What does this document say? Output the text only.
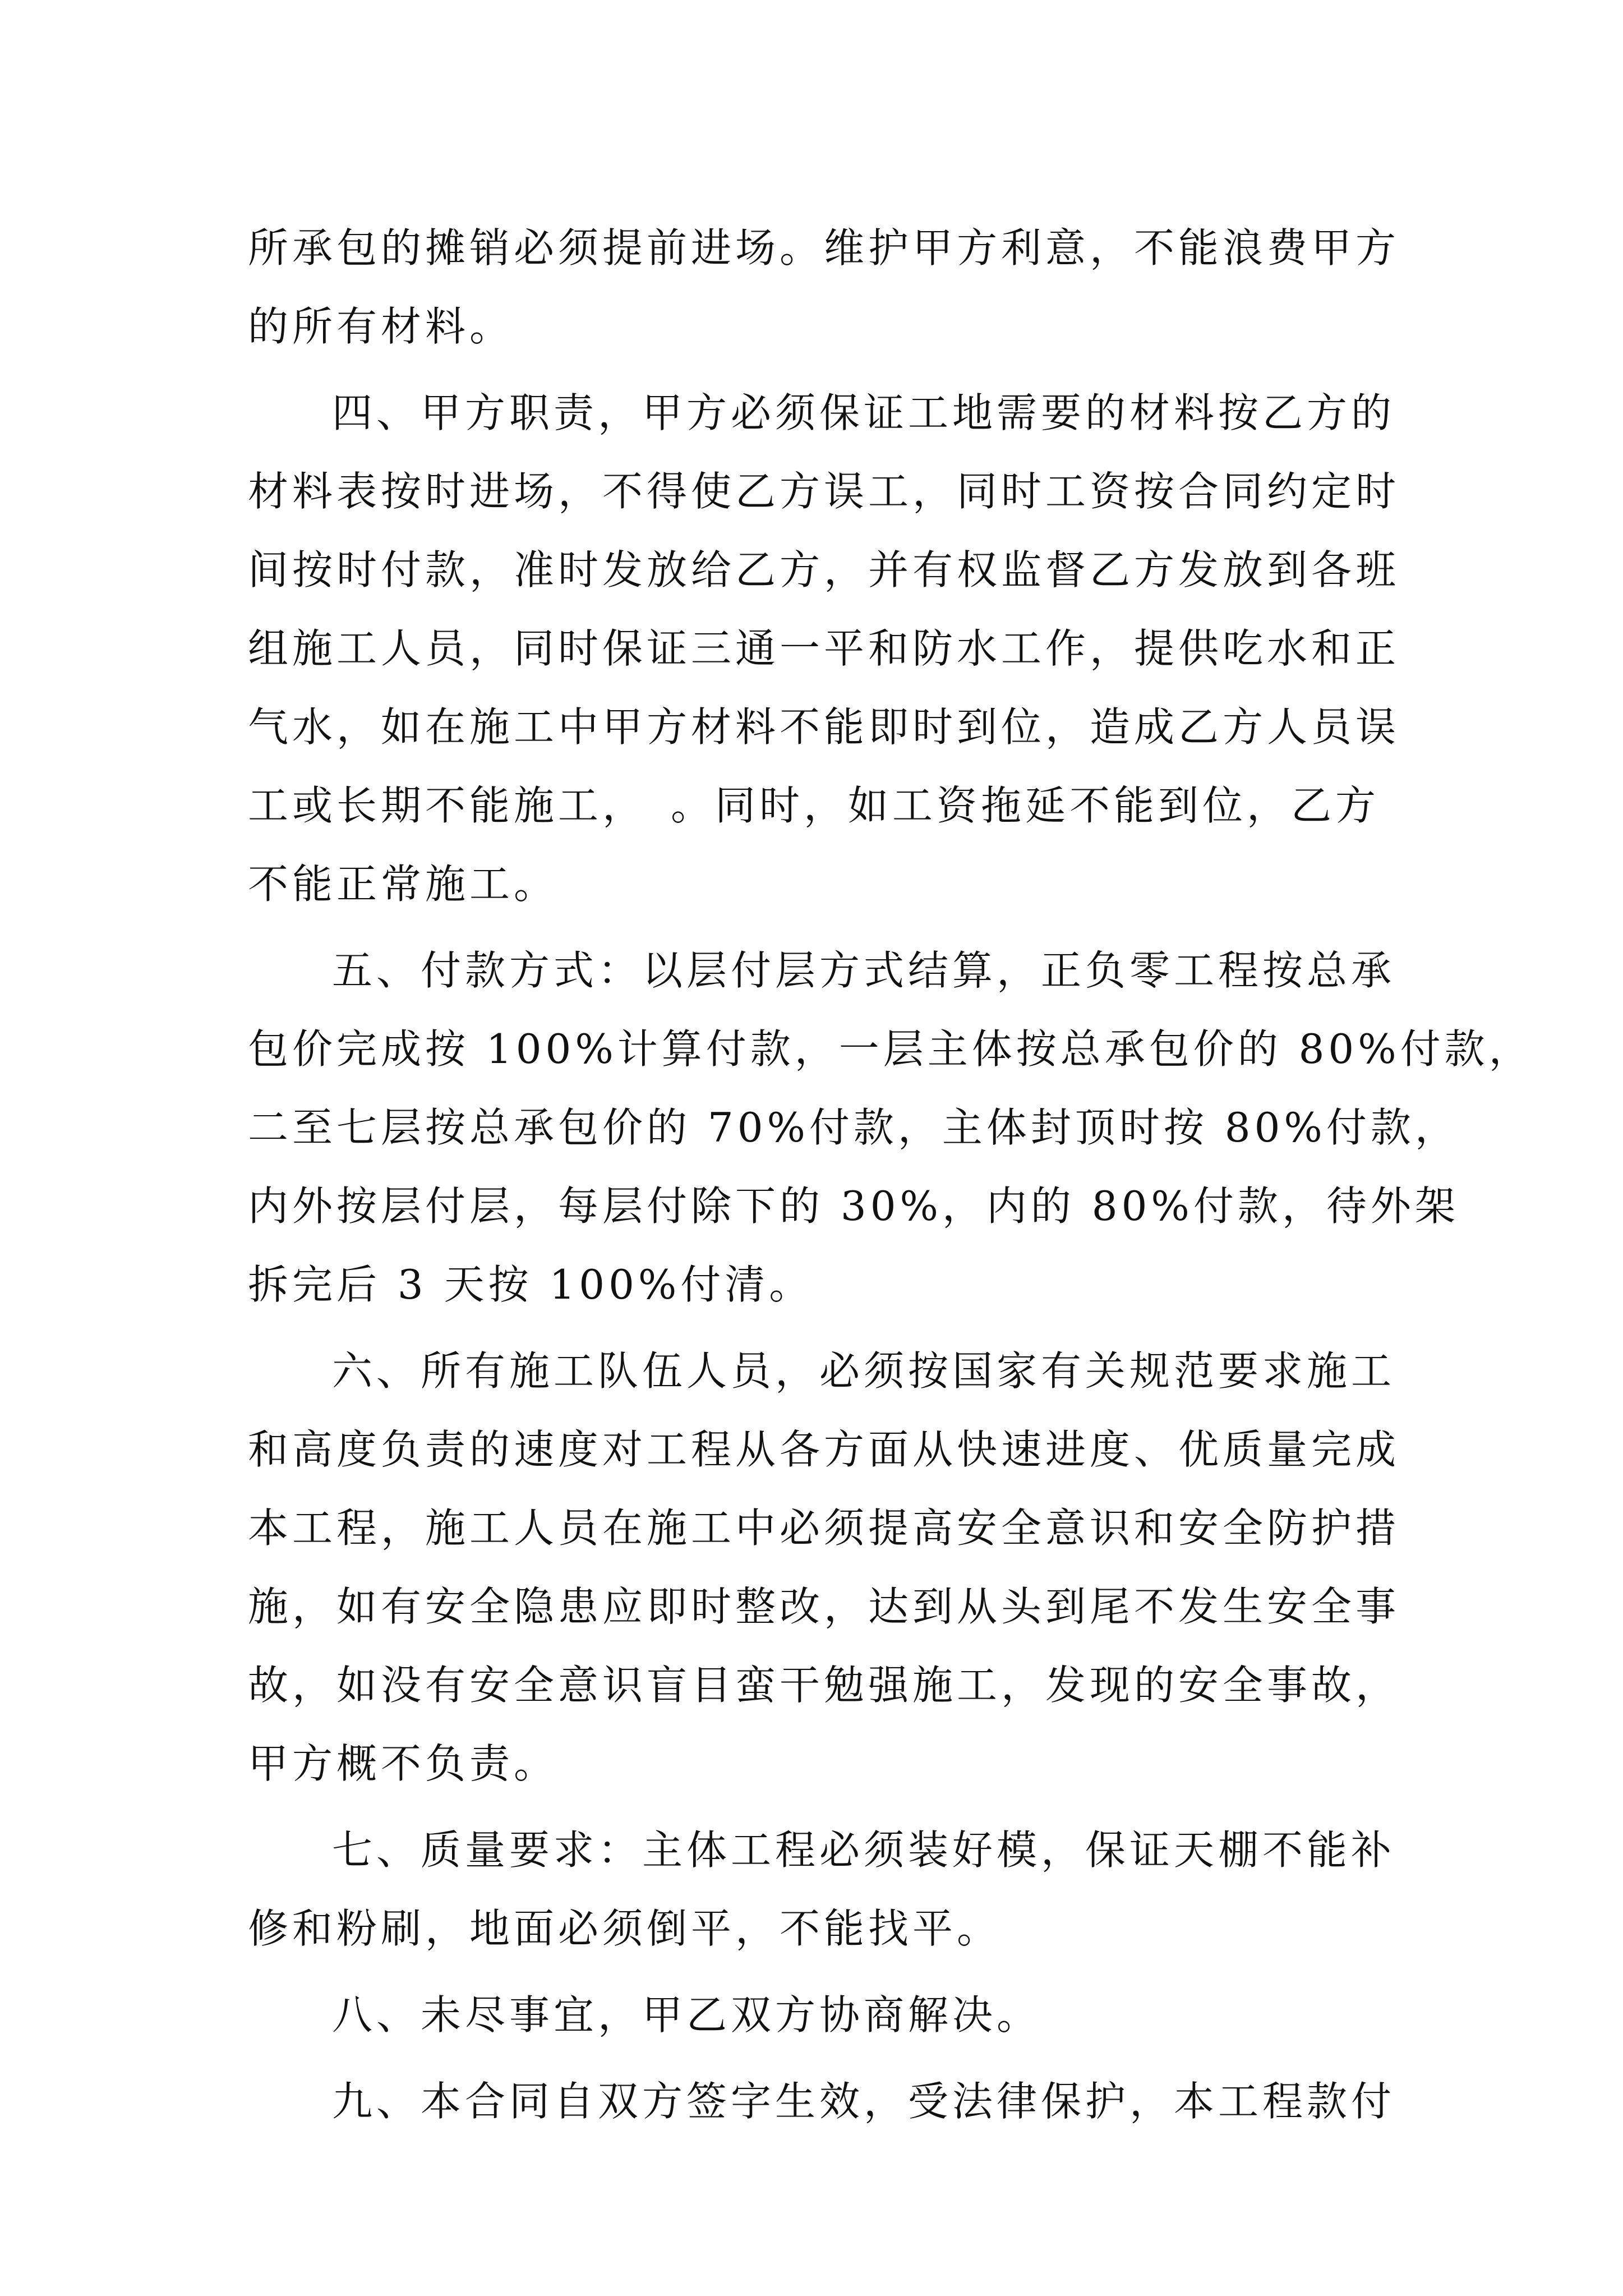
所承包的摊销必须提前进场。维护甲方利意，不能浪费甲方
的所有材料。

四、甲方职责，甲方必须保证工地需要的材料按乙方的
材料表按时进场，不得使乙方误工，同时工资按合同约定时
间按时付款，准时发放给乙方，并有权监督乙方发放到各班
组施工人员，同时保证三通一平和防水工作，提供吃水和正
气水，如在施工中甲方材料不能即时到位，造成乙方人员误
工或长期不能施工，　。同时，如工资拖延不能到位，乙方
不能正常施工。

五、付款方式：以层付层方式结算，正负零工程按总承
包价完成按 100%计算付款，一层主体按总承包价的 80%付款，
二至七层按总承包价的 70%付款，主体封顶时按 80%付款，
内外按层付层，每层付除下的 30%，内的 80%付款，待外架
拆完后 3 天按 100%付清。

六、所有施工队伍人员，必须按国家有关规范要求施工
和高度负责的速度对工程从各方面从快速进度、优质量完成
本工程，施工人员在施工中必须提高安全意识和安全防护措
施，如有安全隐患应即时整改，达到从头到尾不发生安全事
故，如没有安全意识盲目蛮干勉强施工，发现的安全事故，
甲方概不负责。

七、质量要求：主体工程必须装好模，保证天棚不能补
修和粉刷，地面必须倒平，不能找平。

八、未尽事宜，甲乙双方协商解决。

九、本合同自双方签字生效，受法律保护，本工程款付
